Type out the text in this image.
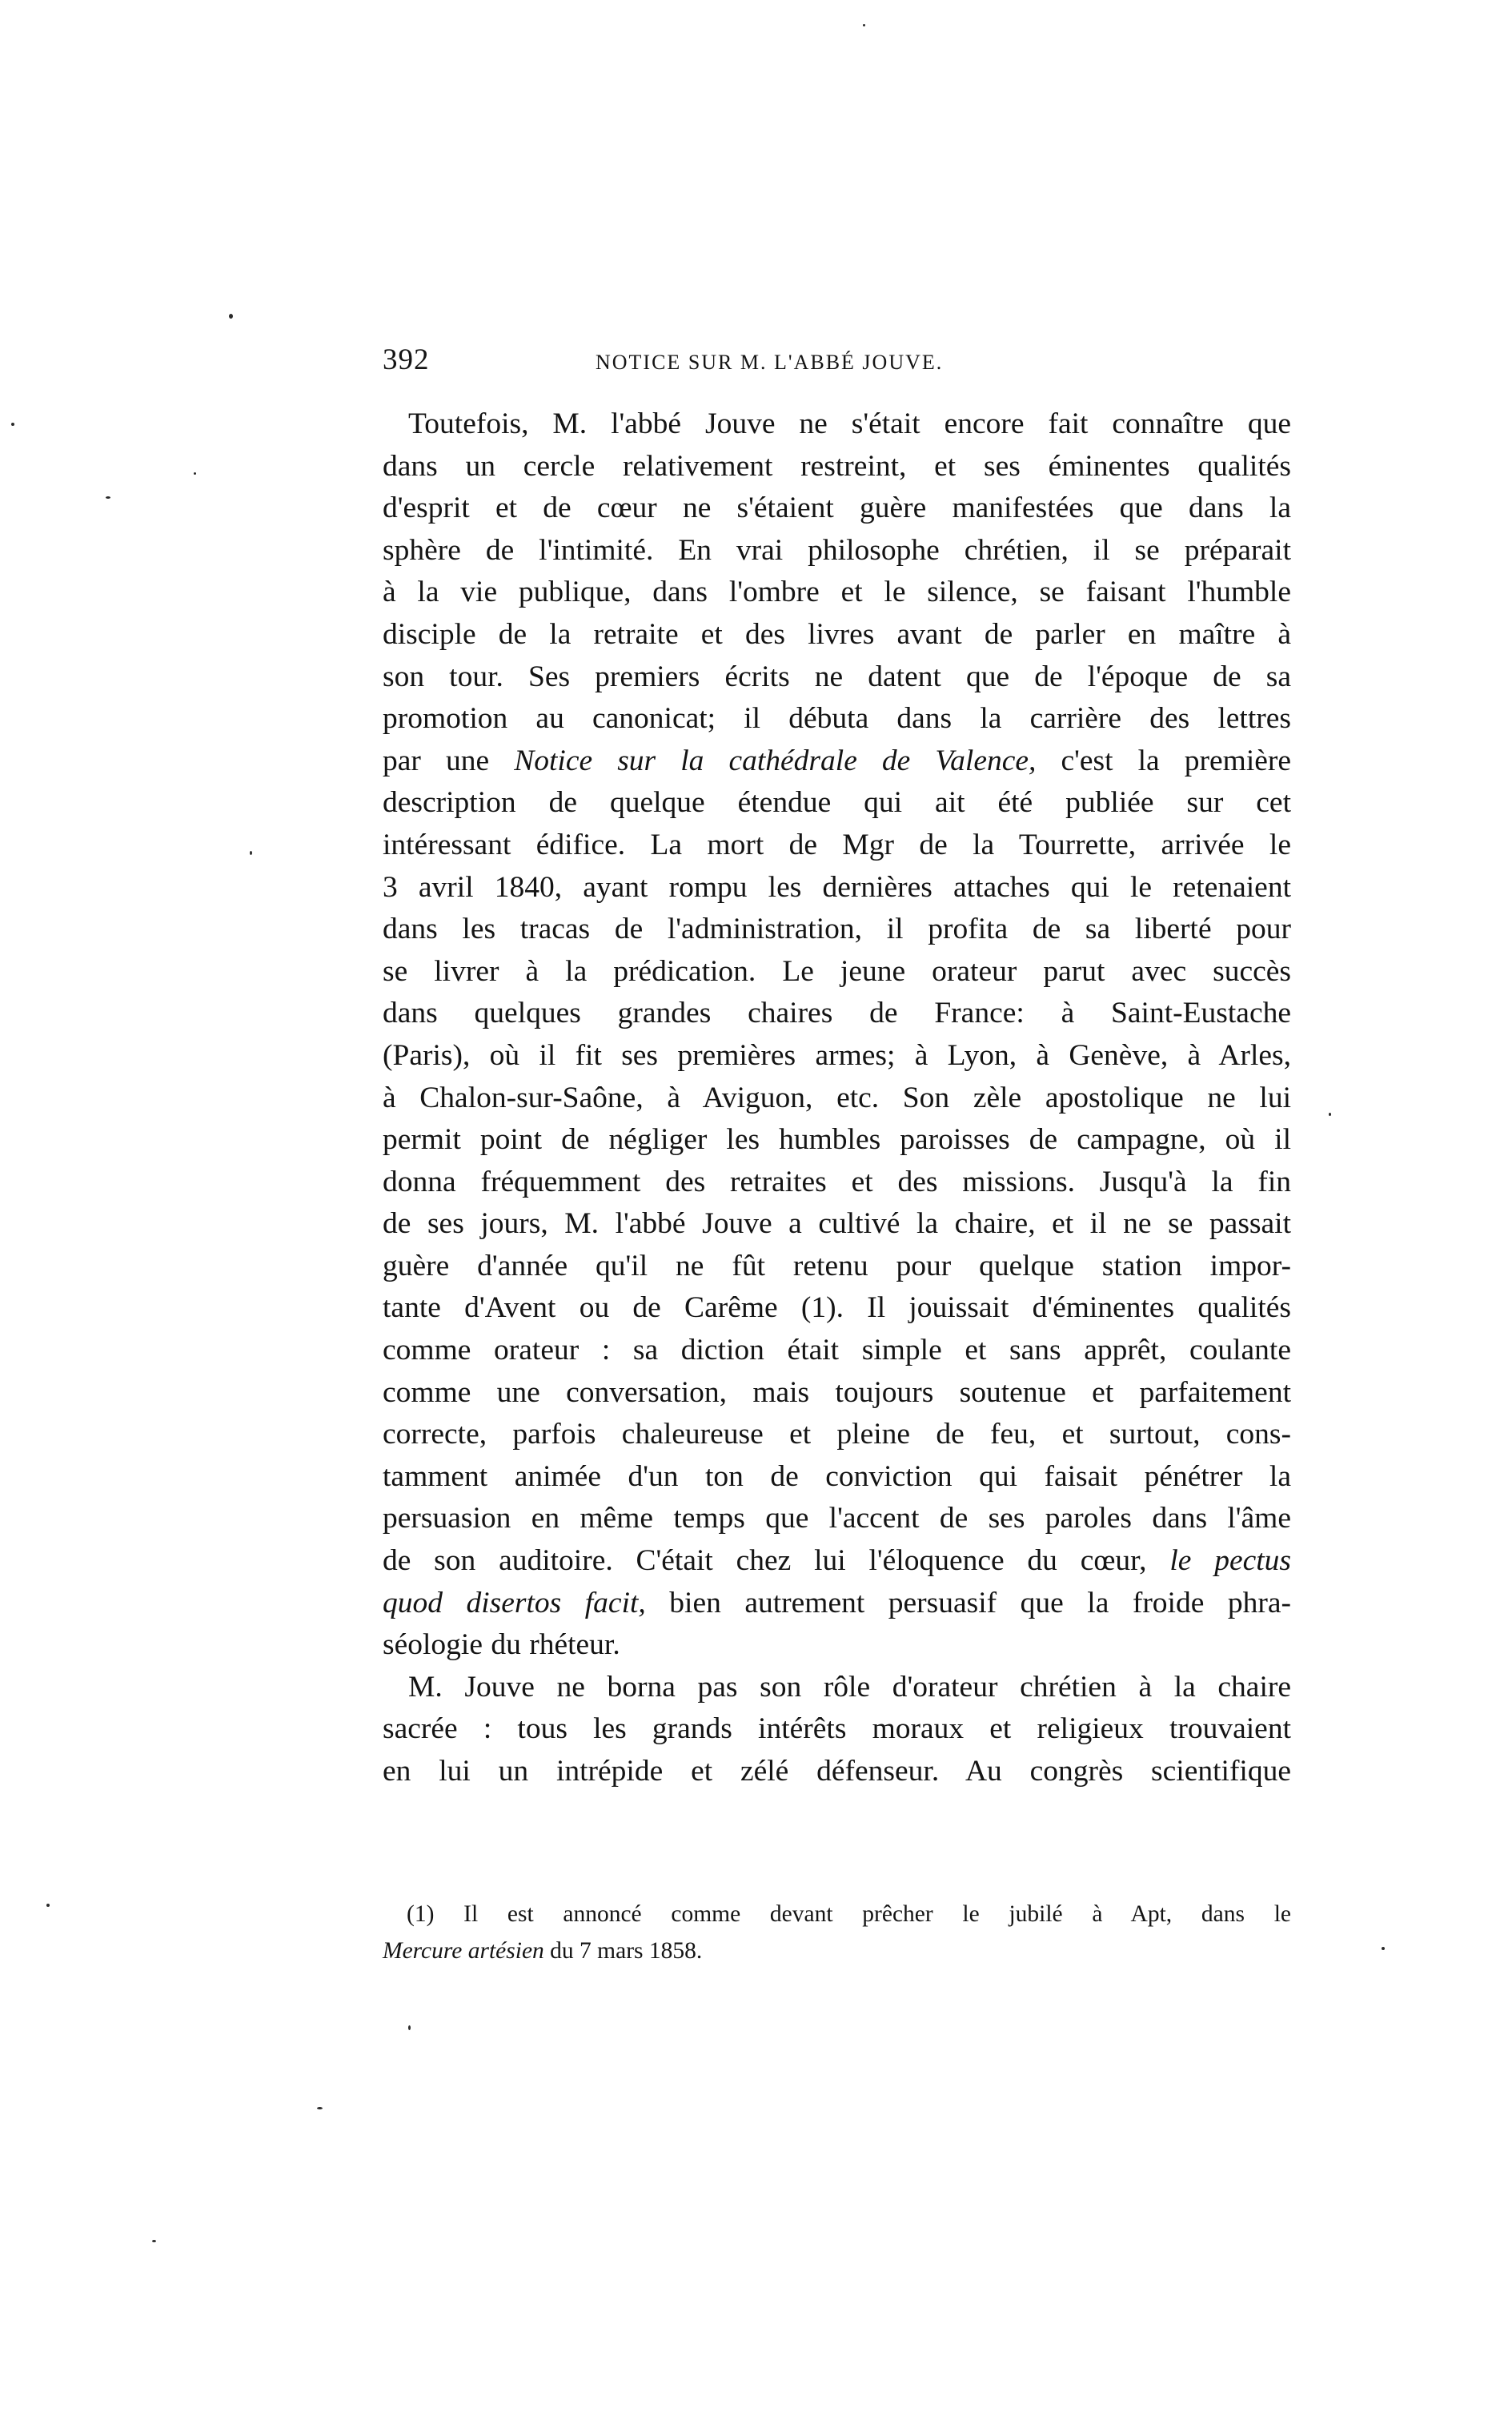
392	NOTICE SUR M. L'ABBÉ JOUVE.
Toutefois, M. l'abbé Jouve ne s'était encore fait connaître que
dans un cercle relativement restreint, et ses éminentes qualités
d'esprit et de cœur ne s'étaient guère manifestées que dans la
sphère de l'intimité. En vrai philosophe chrétien, il se préparait
à la vie publique, dans l'ombre et le silence, se faisant l'humble
disciple de la retraite et des livres avant de parler en maître à
son tour. Ses premiers écrits ne datent que de l'époque de sa
promotion au canonicat; il débuta dans la carrière des lettres
par une Notice sur la cathédrale de Valence, c'est la première
description de quelque étendue qui ait été publiée sur cet
intéressant édifice. La mort de Mgr de la Tourrette, arrivée le
3 avril 1840, ayant rompu les dernières attaches qui le retenaient
dans les tracas de l'administration, il profita de sa liberté pour
se livrer à la prédication. Le jeune orateur parut avec succès
dans quelques grandes chaires de France: à Saint-Eustache
(Paris), où il fit ses premières armes; à Lyon, à Genève, à Arles,
à Chalon-sur-Saône, à Aviguon, etc. Son zèle apostolique ne lui
permit point de négliger les humbles paroisses de campagne, où il
donna fréquemment des retraites et des missions. Jusqu'à la fin
de ses jours, M. l'abbé Jouve a cultivé la chaire, et il ne se passait
guère d'année qu'il ne fût retenu pour quelque station impor-
tante d'Avent ou de Carême (1). Il jouissait d'éminentes qualités
comme orateur : sa diction était simple et sans apprêt, coulante
comme une conversation, mais toujours soutenue et parfaitement
correcte, parfois chaleureuse et pleine de feu, et surtout, cons-
tamment animée d'un ton de conviction qui faisait pénétrer la
persuasion en même temps que l'accent de ses paroles dans l'âme
de son auditoire. C'était chez lui l'éloquence du cœur, le pectus
quod disertos facit, bien autrement persuasif que la froide phra-
séologie du rhéteur.
M. Jouve ne borna pas son rôle d'orateur chrétien à la chaire
sacrée : tous les grands intérêts moraux et religieux trouvaient
en lui un intrépide et zélé défenseur. Au congrès scientifique
(1) Il est annoncé comme devant prêcher le jubilé à Apt, dans le
Mercure artésien du 7 mars 1858.
